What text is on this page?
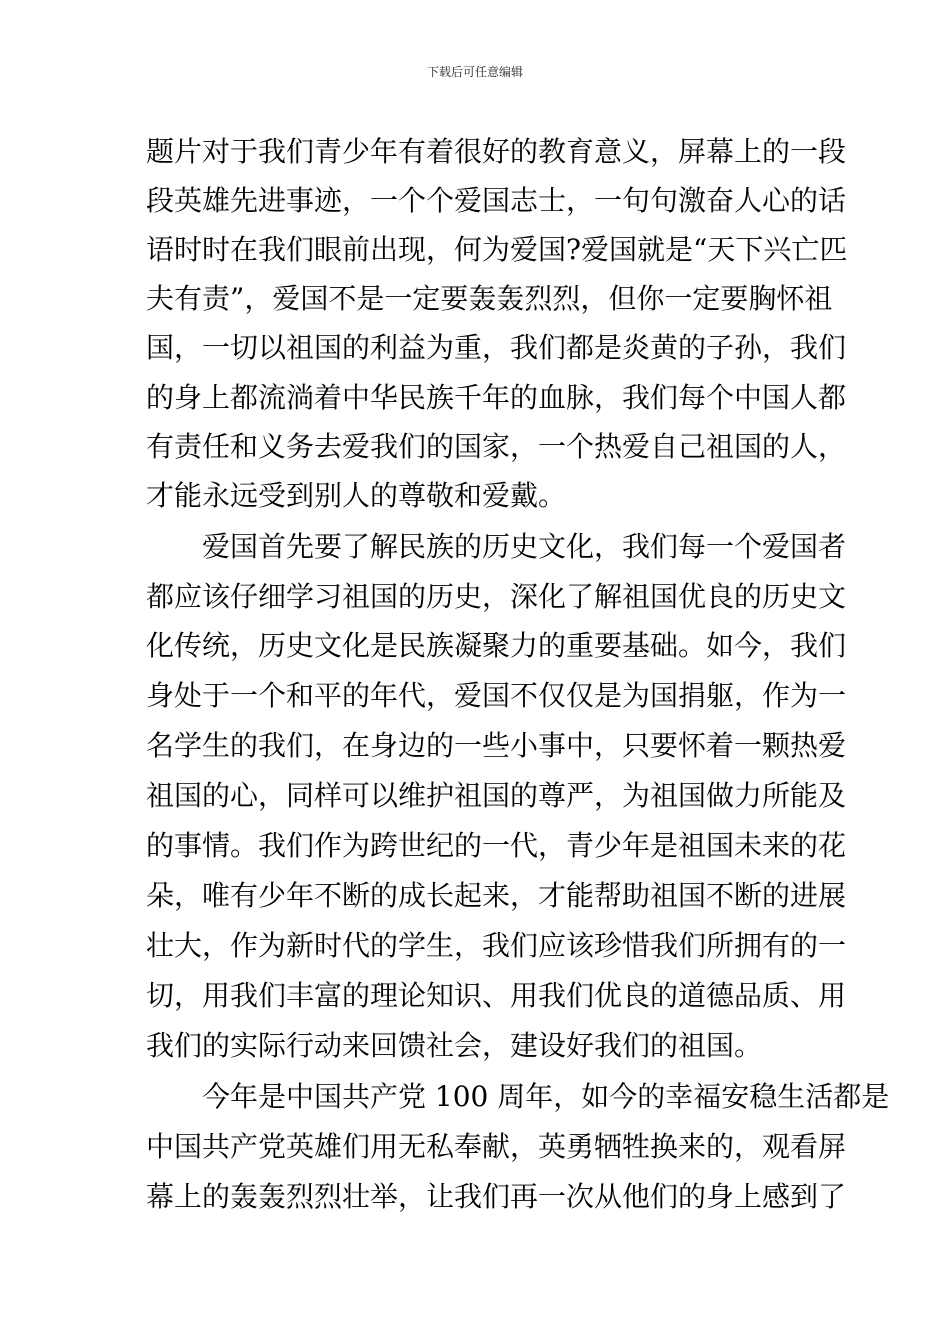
下载后可任意编辑
题片对于我们青少年有着很好的教育意义，屏幕上的一段
段英雄先进事迹，一个个爱国志士，一句句激奋人心的话
语时时在我们眼前出现，何为爱国?爱国就是“天下兴亡匹
夫有责”，爱国不是一定要轰轰烈烈，但你一定要胸怀祖
国，一切以祖国的利益为重，我们都是炎黄的子孙，我们
的身上都流淌着中华民族千年的血脉，我们每个中国人都
有责任和义务去爱我们的国家，一个热爱自己祖国的人，
才能永远受到别人的尊敬和爱戴。
爱国首先要了解民族的历史文化，我们每一个爱国者
都应该仔细学习祖国的历史，深化了解祖国优良的历史文
化传统，历史文化是民族凝聚力的重要基础。如今，我们
身处于一个和平的年代，爱国不仅仅是为国捐躯，作为一
名学生的我们，在身边的一些小事中，只要怀着一颗热爱
祖国的心，同样可以维护祖国的尊严，为祖国做力所能及
的事情。我们作为跨世纪的一代，青少年是祖国未来的花
朵，唯有少年不断的成长起来，才能帮助祖国不断的进展
壮大，作为新时代的学生，我们应该珍惜我们所拥有的一
切，用我们丰富的理论知识、用我们优良的道德品质、用
我们的实际行动来回馈社会，建设好我们的祖国。
今年是中国共产党 100 周年，如今的幸福安稳生活都是
中国共产党英雄们用无私奉献，英勇牺牲换来的，观看屏
幕上的轰轰烈烈壮举，让我们再一次从他们的身上感到了
